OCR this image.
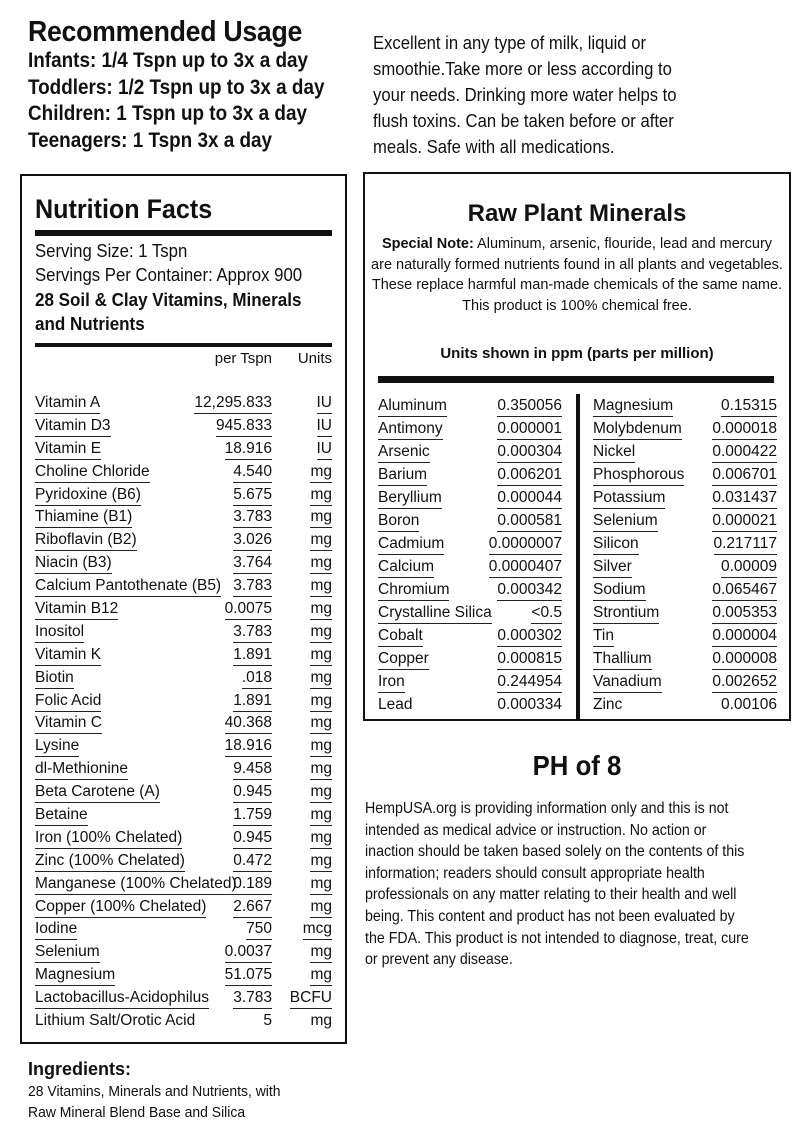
Recommended Usage
Infants: 1/4 Tspn up to 3x a day
Toddlers: 1/2 Tspn up to 3x a day
Children: 1 Tspn up to 3x a day
Teenagers: 1 Tspn 3x a day
Excellent in any type of milk, liquid or
smoothie.Take more or less according to
your needs. Drinking more water helps to
flush toxins. Can be taken before or after
meals. Safe with all medications.
Nutrition Facts
Serving Size: 1 Tspn
Servings Per Container: Approx 900
28 Soil & Clay Vitamins, Minerals
and Nutrients
per Tspn Units
Vitamin A	12,295.833	IU
Vitamin D3	945.833	IU
Vitamin E	18.916	IU
Choline Chloride	4.540 mg
Pyridoxine (B6)	5.675 mg
Thiamine (B1)	3.783 mg
Riboflavin (B2)	3.026 mg
Niacin (B3)	3.764 mg
Calcium Pantothenate (B5) 3.783 mg
Vitamin B12	0.0075 mg
Inositol	3.783 mg
Vitamin K	1.891 mg
Biotin	.018 mg
Folic Acid	1.891 mg
Vitamin C	40.368 mg
Lysine	18.916 mg
dl-Methionine	9.458 mg
Beta Carotene (A)	0.945 mg
Betaine	1.759 mg
Iron (100% Chelated)	0.945 mg
Zinc (100% Chelated)	0.472 mg
Manganese (100% Chelated)
0.189 mg
Copper (100% Chelated) 2.667 mg
Iodine	750 mcg
Selenium	0.0037 mg
Magnesium	51.075 mg
Lactobacillus-Acidophilus 3.783 BCFU
Lithium Salt/Orotic Acid	5 mg
Raw Plant Minerals
Special Note: Aluminum, arsenic, flouride, lead and mercury are naturally formed nutrients found in all plants and vegetables. These replace harmful man-made chemicals of the same name.
This product is 100% chemical free.
Units shown in ppm (parts per million)
Aluminum	0.350056
Antimony	0.000001
Arsenic	0.000304
Barium	0.006201
Beryllium	0.000044
Boron	0.000581
Cadmium	0.0000007
Calcium	0.0000407
Chromium	0.000342
Crystalline Silica	<0.5
Cobalt	0.000302
Copper	0.000815
Iron	0.244954
Lead	0.000334
Magnesium	0.15315
Molybdenum 0.000018
Nickel	0.000422
Phosphorous 0.006701
Potassium	0.031437
Selenium	0.000021
Silicon	0.217117
Silver	0.00009
Sodium	0.065467
Strontium	0.005353
Tin	0.000004
Thallium	0.000008
Vanadium	0.002652
Zinc	0.00106
PH of 8
HempUSA.org is providing information only and this is not
intended as medical advice or instruction. No action or
inaction should be taken based solely on the contents of this
information; readers should consult appropriate health
professionals on any matter relating to their health and well
being. This content and product has not been evaluated by
the FDA. This product is not intended to diagnose, treat, cure
or prevent any disease.
Ingredients:
28 Vitamins, Minerals and Nutrients, with
Raw Mineral Blend Base and Silica
